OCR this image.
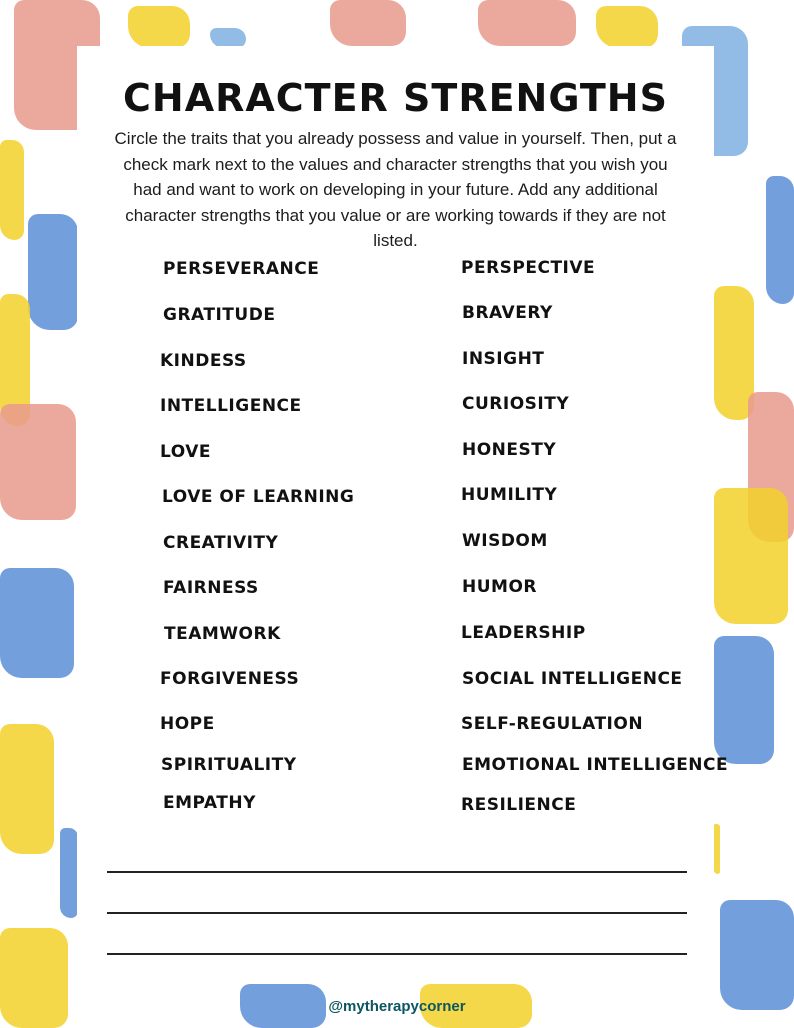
CHARACTER STRENGTHS
Circle the traits that you already possess and value in yourself. Then, put a check mark next to the values and character strengths that you wish you had and want to work on developing in your future. Add any additional character strengths that you value or are working towards if they are not listed.
PERSEVERANCE
GRATITUDE
KINDESS
INTELLIGENCE
LOVE
LOVE OF LEARNING
CREATIVITY
FAIRNESS
TEAMWORK
FORGIVENESS
HOPE
SPIRITUALITY
EMPATHY
PERSPECTIVE
BRAVERY
INSIGHT
CURIOSITY
HONESTY
HUMILITY
WISDOM
HUMOR
LEADERSHIP
SOCIAL INTELLIGENCE
SELF-REGULATION
EMOTIONAL INTELLIGENCE
RESILIENCE
@mytherapycorner
